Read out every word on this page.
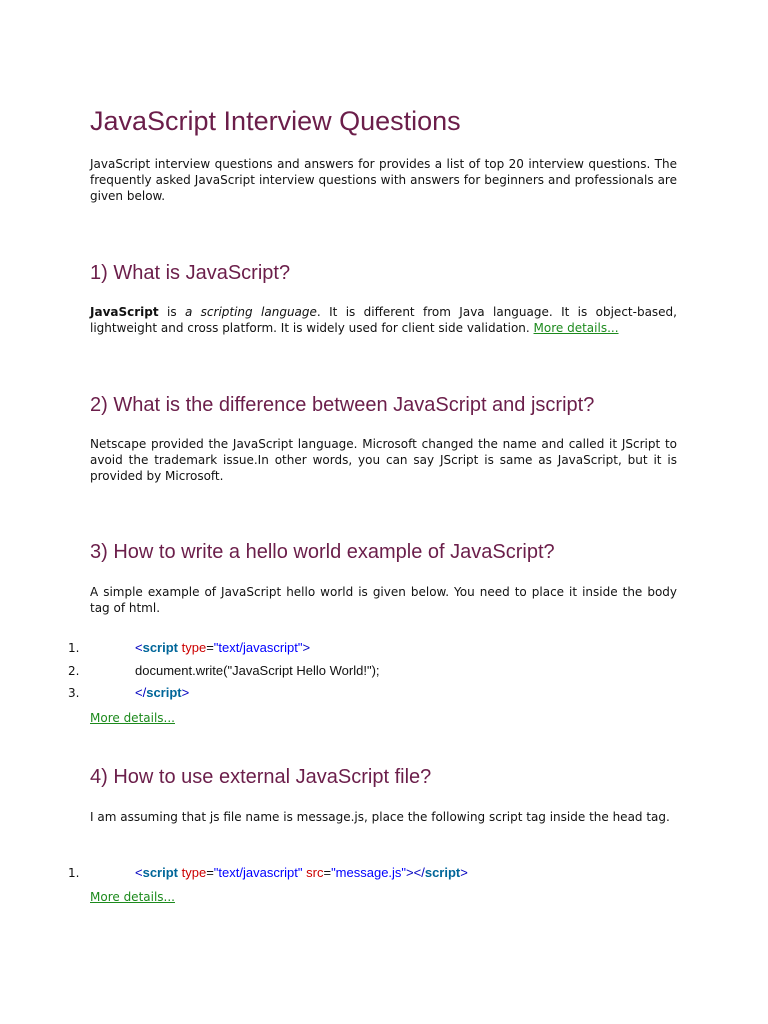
JavaScript Interview Questions

JavaScript interview questions and answers for provides a list of top 20 interview questions. The frequently asked JavaScript interview questions with answers for beginners and professionals are given below.

1) What is JavaScript?

JavaScript is a scripting language. It is different from Java language. It is object-based, lightweight and cross platform. It is widely used for client side validation. More details...

2) What is the difference between JavaScript and jscript?

Netscape provided the JavaScript language. Microsoft changed the name and called it JScript to avoid the trademark issue.In other words, you can say JScript is same as JavaScript, but it is provided by Microsoft.

3) How to write a hello world example of JavaScript?

A simple example of JavaScript hello world is given below. You need to place it inside the body tag of html.

1.	<script type="text/javascript">
2.	document.write("JavaScript Hello World!");
3.	</script>
More details...
4) How to use external JavaScript file?

I am assuming that js file name is message.js, place the following script tag inside the head tag.

1.	<script type="text/javascript" src="message.js"></script>
More details...
